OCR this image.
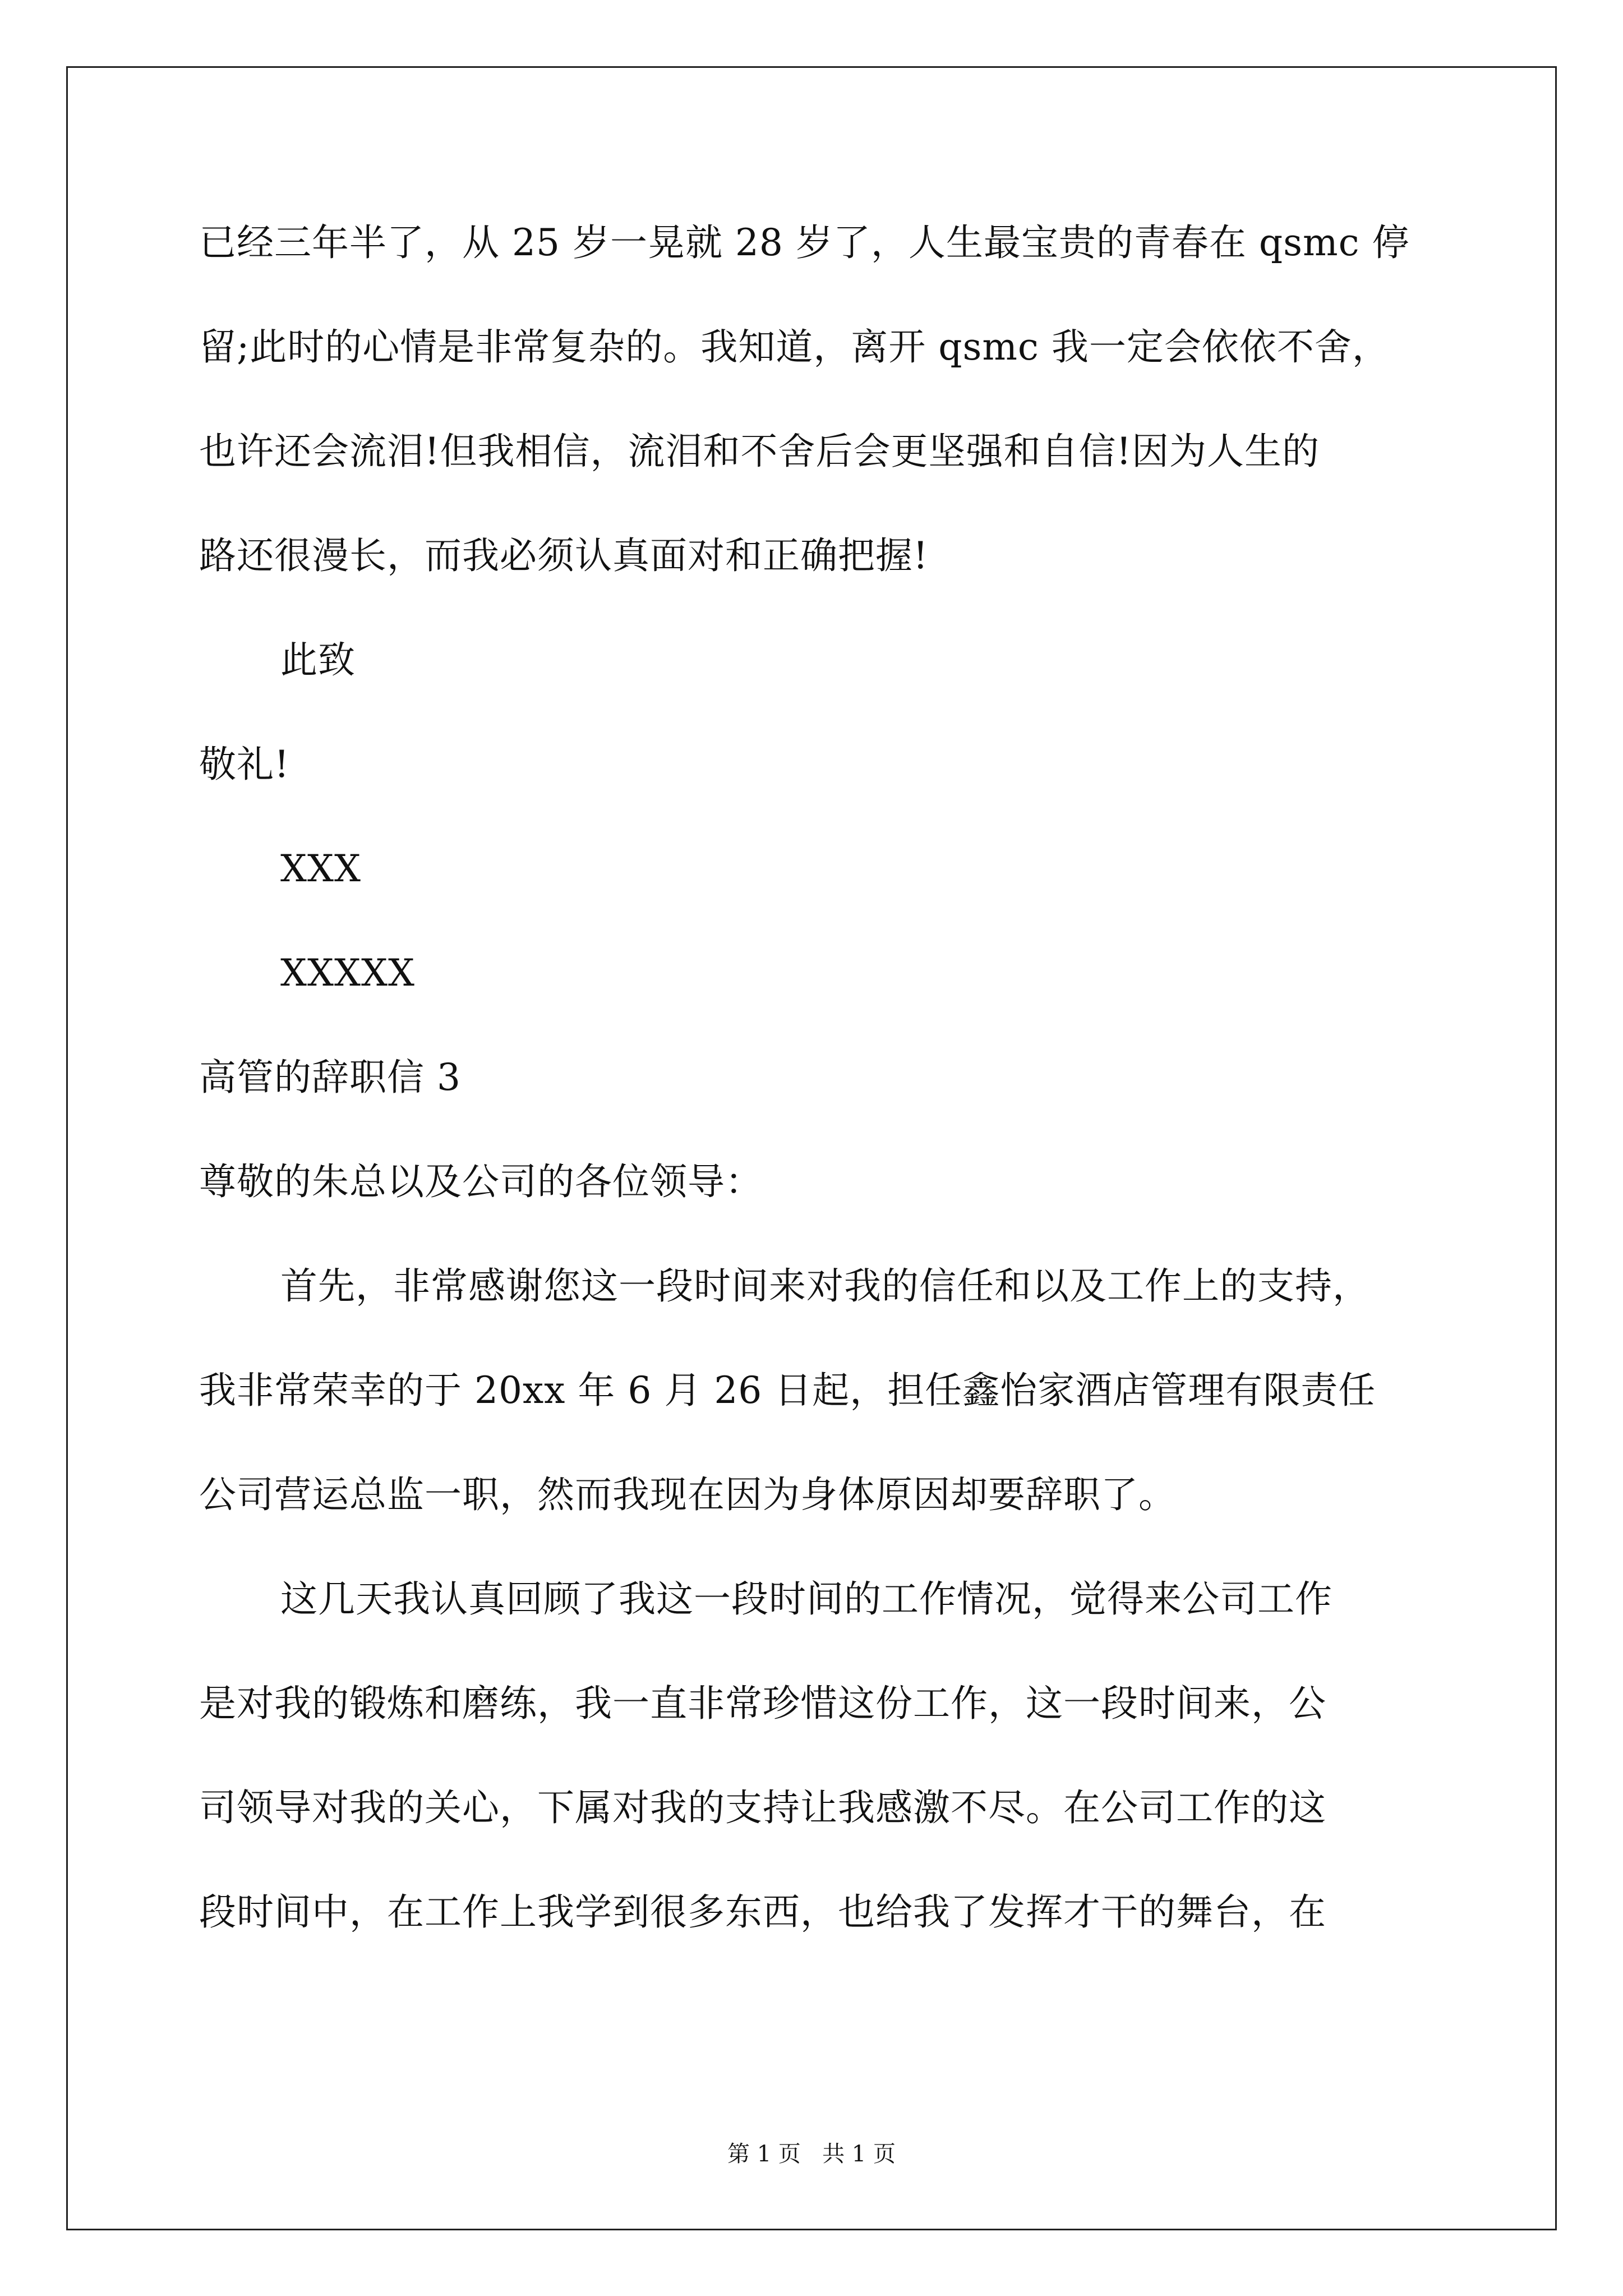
已经三年半了，从 25 岁一晃就 28 岁了，人生最宝贵的青春在 qsmc 停
留;此时的心情是非常复杂的。我知道，离开 qsmc 我一定会依依不舍，
也许还会流泪!但我相信，流泪和不舍后会更坚强和自信!因为人生的
路还很漫长，而我必须认真面对和正确把握!
此致
敬礼!
XXX
XXXXX
高管的辞职信 3
尊敬的朱总以及公司的各位领导：
首先，非常感谢您这一段时间来对我的信任和以及工作上的支持，
我非常荣幸的于 20xx 年 6 月 26 日起，担任鑫怡家酒店管理有限责任
公司营运总监一职，然而我现在因为身体原因却要辞职了。
这几天我认真回顾了我这一段时间的工作情况，觉得来公司工作
是对我的锻炼和磨练，我一直非常珍惜这份工作，这一段时间来，公
司领导对我的关心，下属对我的支持让我感激不尽。在公司工作的这
段时间中，在工作上我学到很多东西，也给我了发挥才干的舞台，在
第 1 页   共 1 页
